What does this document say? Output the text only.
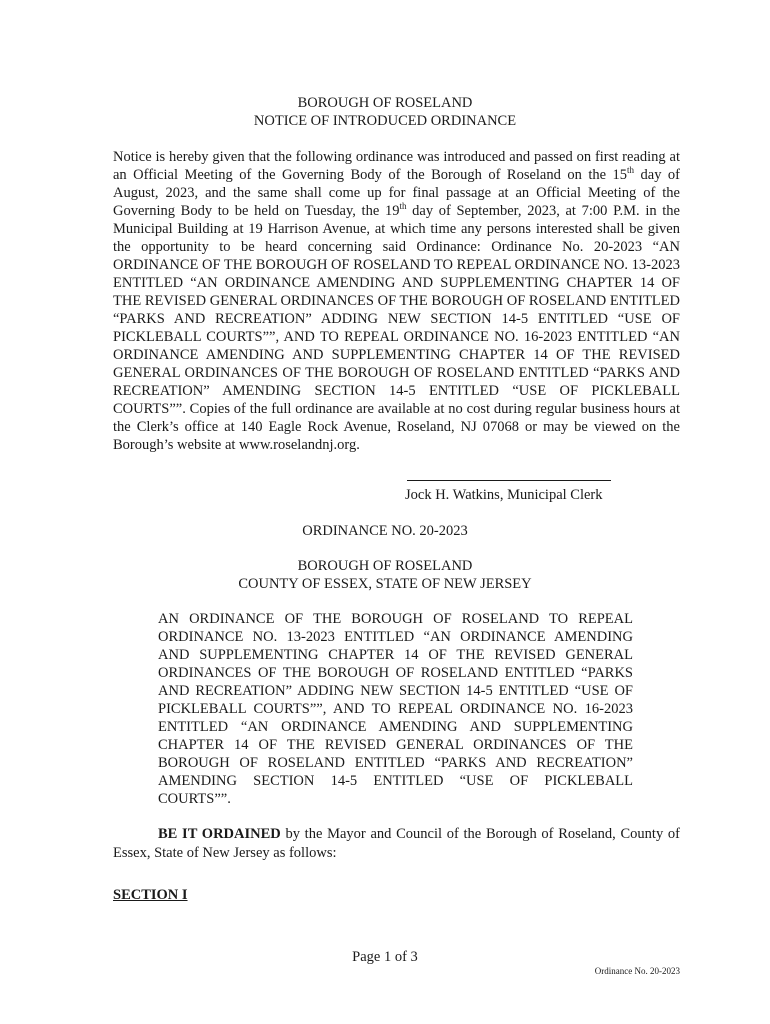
BOROUGH OF ROSELAND
NOTICE OF INTRODUCED ORDINANCE
Notice is hereby given that the following ordinance was introduced and passed on first reading at an Official Meeting of the Governing Body of the Borough of Roseland on the 15th day of August, 2023, and the same shall come up for final passage at an Official Meeting of the Governing Body to be held on Tuesday, the 19th day of September, 2023, at 7:00 P.M. in the Municipal Building at 19 Harrison Avenue, at which time any persons interested shall be given the opportunity to be heard concerning said Ordinance: Ordinance No. 20-2023 “AN ORDINANCE OF THE BOROUGH OF ROSELAND TO REPEAL ORDINANCE NO. 13-2023 ENTITLED “AN ORDINANCE AMENDING AND SUPPLEMENTING CHAPTER 14 OF THE REVISED GENERAL ORDINANCES OF THE BOROUGH OF ROSELAND ENTITLED “PARKS AND RECREATION” ADDING NEW SECTION 14-5 ENTITLED “USE OF PICKLEBALL COURTS””, AND TO REPEAL ORDINANCE NO. 16-2023 ENTITLED “AN ORDINANCE AMENDING AND SUPPLEMENTING CHAPTER 14 OF THE REVISED GENERAL ORDINANCES OF THE BOROUGH OF ROSELAND ENTITLED “PARKS AND RECREATION” AMENDING SECTION 14-5 ENTITLED “USE OF PICKLEBALL COURTS””. Copies of the full ordinance are available at no cost during regular business hours at the Clerk’s office at 140 Eagle Rock Avenue, Roseland, NJ 07068 or may be viewed on the Borough’s website at www.roselandnj.org.
Jock H. Watkins, Municipal Clerk
ORDINANCE NO. 20-2023
BOROUGH OF ROSELAND
COUNTY OF ESSEX, STATE OF NEW JERSEY
AN ORDINANCE OF THE BOROUGH OF ROSELAND TO REPEAL ORDINANCE NO. 13-2023 ENTITLED “AN ORDINANCE AMENDING AND SUPPLEMENTING CHAPTER 14 OF THE REVISED GENERAL ORDINANCES OF THE BOROUGH OF ROSELAND ENTITLED “PARKS AND RECREATION” ADDING NEW SECTION 14-5 ENTITLED “USE OF PICKLEBALL COURTS””, AND TO REPEAL ORDINANCE NO. 16-2023 ENTITLED “AN ORDINANCE AMENDING AND SUPPLEMENTING CHAPTER 14 OF THE REVISED GENERAL ORDINANCES OF THE BOROUGH OF ROSELAND ENTITLED “PARKS AND RECREATION” AMENDING SECTION 14-5 ENTITLED “USE OF PICKLEBALL COURTS””.
BE IT ORDAINED by the Mayor and Council of the Borough of Roseland, County of Essex, State of New Jersey as follows:
SECTION I
Page 1 of 3
Ordinance No. 20-2023
